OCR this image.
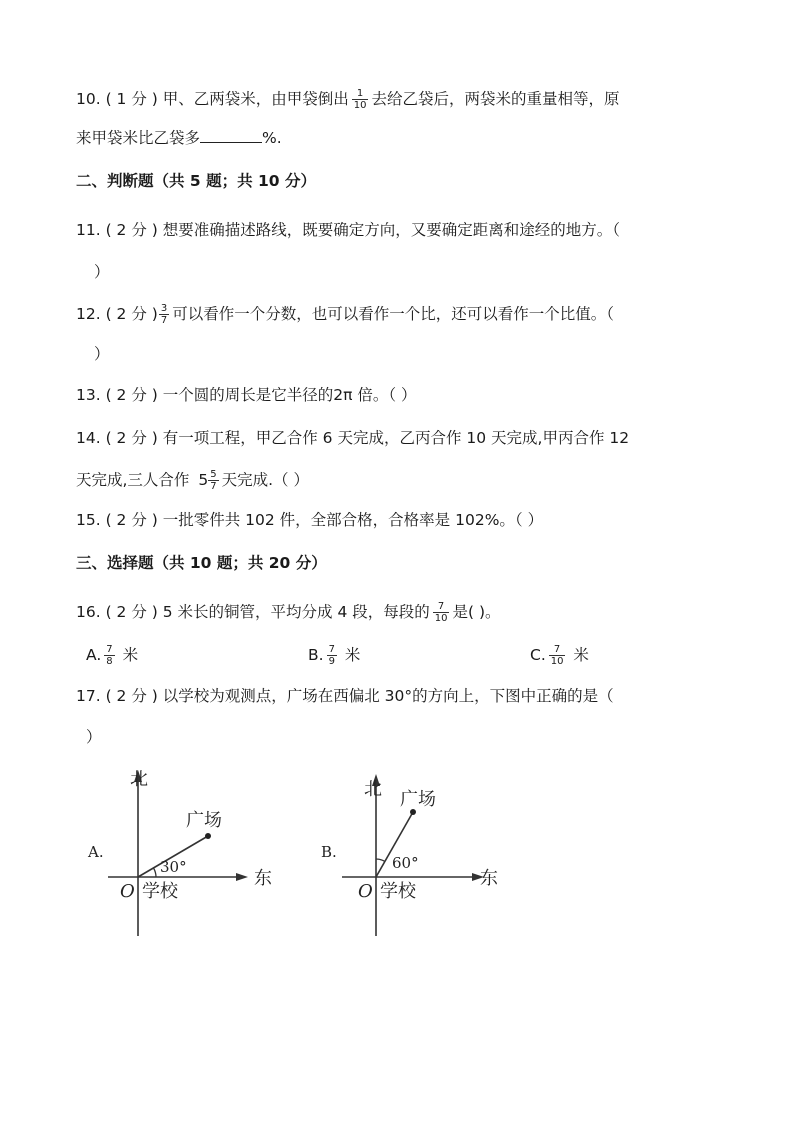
10. ( 1 分 ) 甲、乙两袋米，由甲袋倒出 $\frac{1}{10}$ 去给乙袋后，两袋米的重量相等，原
来甲袋米比乙袋多	%.
二、判断题（共 5 题；共 10 分）
11. ( 2 分 ) 想要准确描述路线，既要确定方向，又要确定距离和途经的地方。（
）
12. ( 2 分 ) $\frac{3}{7}$ 可以看作一个分数，也可以看作一个比，还可以看作一个比值。（
）
13. ( 2 分 ) 一个圆的周长是它半径的2π 倍。（ ）
14. ( 2 分 ) 有一项工程，甲乙合作 6 天完成，乙丙合作 10 天完成,甲丙合作 12
天完成,三人合作 $5 \frac{5}{7}$ 天完成.（ ）
15. ( 2 分 ) 一批零件共 102 件，全部合格，合格率是 102%。（ ）
三、选择题（共 10 题；共 20 分）
16. ( 2 分 ) 5 米长的铜管，平均分成 4 段，每段的 $\frac{7}{10}$ 是( )。
A. $\frac{7}{8}$ 米	B. $\frac{7}{9}$ 米	C. $\frac{7}{10}$ 米
17. ( 2 分 ) 以学校为观测点，广场在西偏北 30°的方向上，下图中正确的是（
）
A.
北
东
广场
O 学校
30°
B.
北
东
广场
O 学校
60°
